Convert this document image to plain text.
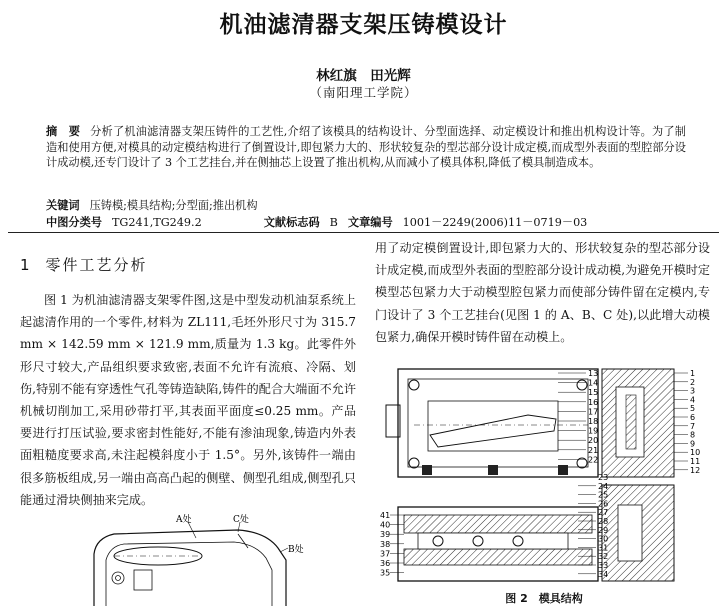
机油滤清器支架压铸模设计
林红旗　田光辉
（南阳理工学院）
摘　要 分析了机油滤清器支架压铸件的工艺性,介绍了该模具的结构设计、分型面选择、动定模设计和推出机构设计等。为了制造和使用方便,对模具的动定模结构进行了倒置设计,即包紧力大的、形状较复杂的型芯部分设计成定模,而成型外表面的型腔部分设计成动模,还专门设计了 3 个工艺挂台,并在侧抽芯上设置了推出机构,从而减小了模具体积,降低了模具制造成本。
关键词 压铸模;模具结构;分型面;推出机构
中图分类号 TG241,TG249.2	文献标志码 B 文章编号 1001－2249(2006)11－0719－03
1 零件工艺分析
图 1 为机油滤清器支架零件图,这是中型发动机油泵系统上起滤清作用的一个零件,材料为 ZL111,毛坯外形尺寸为 315.7 mm × 142.59 mm × 121.9 mm,质量为 1.3 kg。此零件外形尺寸较大,产品组织要求致密,表面不允许有流痕、冷隔、划伤,特别不能有穿透性气孔等铸造缺陷,铸件的配合大端面不允许机械切削加工,采用砂带打平,其表面平面度≤0.25 mm。产品要进行打压试验,要求密封性能好,不能有渗油现象,铸造内外表面粗糙度要求高,未注起模斜度小于 1.5°。另外,该铸件一端由很多筋板组成,另一端由高高凸起的侧壁、侧型孔组成,侧型孔只能通过滑块侧抽来完成。
用了动定模倒置设计,即包紧力大的、形状较复杂的型芯部分设计成定模,而成型外表面的型腔部分设计成动模,为避免开模时定模型芯包紧力大于动模型腔包紧力而使部分铸件留在定模内,专门设计了 3 个工艺挂台(见图 1 的 A、B、C 处),以此增大动模包紧力,确保开模时铸件留在动模上。
A处	C处
B处
13
14
15
16
17
18
19
20
21
22
1
2
3
4
5
6
7
8
9
10
11
12
23
24
25
26
27
28
29
30
31
32
33
34
41
40
39
38
37
36
35
图 2　模具结构
